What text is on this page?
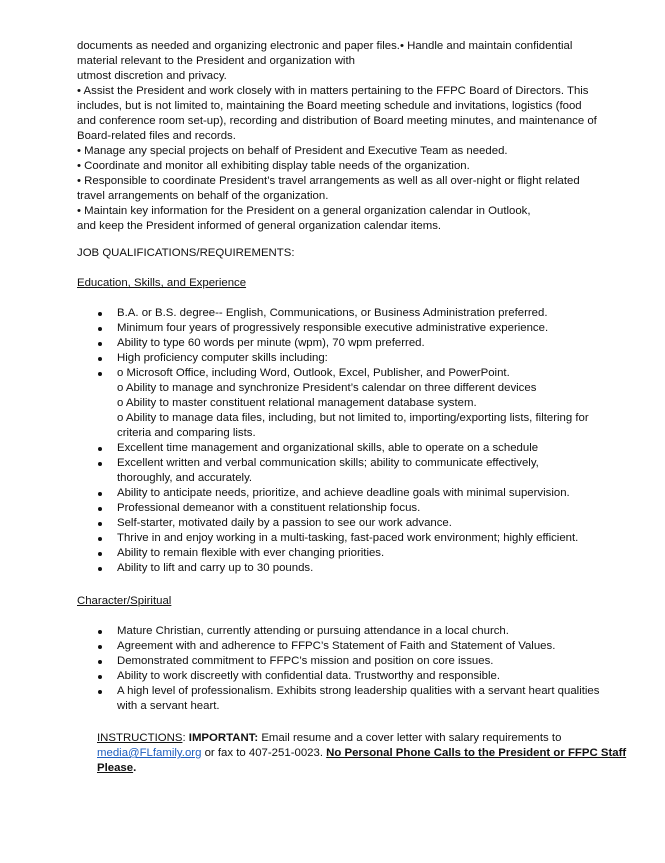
documents as needed and organizing electronic and paper files.• Handle and maintain confidential
material relevant to the President and organization with
utmost discretion and privacy.
• Assist the President and work closely with in matters pertaining to the FFPC Board of Directors. This
includes, but is not limited to, maintaining the Board meeting schedule and invitations, logistics (food
and conference room set-up), recording and distribution of Board meeting minutes, and maintenance of
Board-related files and records.
• Manage any special projects on behalf of President and Executive Team as needed.
• Coordinate and monitor all exhibiting display table needs of the organization.
• Responsible to coordinate President’s travel arrangements as well as all over-night or flight related
travel arrangements on behalf of the organization.
• Maintain key information for the President on a general organization calendar in Outlook,
and keep the President informed of general organization calendar items.
JOB QUALIFICATIONS/REQUIREMENTS:
Education, Skills, and Experience
B.A. or B.S. degree-- English, Communications, or Business Administration preferred.
Minimum four years of progressively responsible executive administrative experience.
Ability to type 60 words per minute (wpm), 70 wpm preferred.
High proficiency computer skills including:
o Microsoft Office, including Word, Outlook, Excel, Publisher, and PowerPoint.
o Ability to manage and synchronize President’s calendar on three different devices
o Ability to master constituent relational management database system.
o Ability to manage data files, including, but not limited to, importing/exporting lists, filtering for
criteria and comparing lists.
Excellent time management and organizational skills, able to operate on a schedule
Excellent written and verbal communication skills; ability to communicate effectively,
thoroughly, and accurately.
Ability to anticipate needs, prioritize, and achieve deadline goals with minimal supervision.
Professional demeanor with a constituent relationship focus.
Self-starter, motivated daily by a passion to see our work advance.
Thrive in and enjoy working in a multi-tasking, fast-paced work environment; highly efficient.
Ability to remain flexible with ever changing priorities.
Ability to lift and carry up to 30 pounds.
Character/Spiritual
Mature Christian, currently attending or pursuing attendance in a local church.
Agreement with and adherence to FFPC’s Statement of Faith and Statement of Values.
Demonstrated commitment to FFPC’s mission and position on core issues.
Ability to work discreetly with confidential data. Trustworthy and responsible.
A high level of professionalism. Exhibits strong leadership qualities with a servant heart qualities
with a servant heart.
INSTRUCTIONS: IMPORTANT: Email resume and a cover letter with salary requirements to
media@FLfamily.org or fax to 407-251-0023. No Personal Phone Calls to the President or FFPC Staff
Please.
